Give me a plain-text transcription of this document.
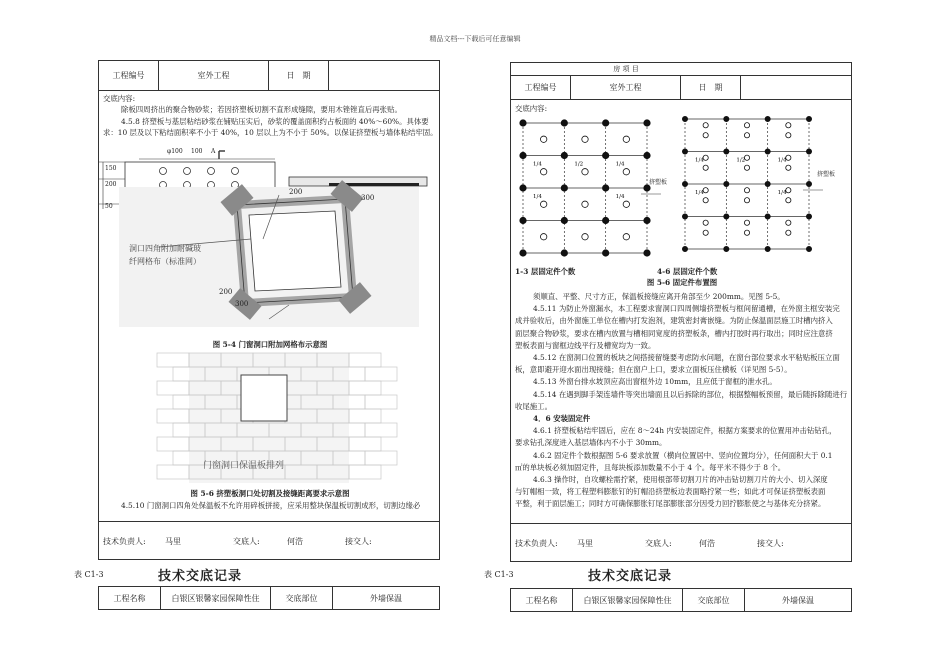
精品文档---下载后可任意编辑
工程编号	室外工程	日　期
交底内容:
除板四周挤出的聚合物砂浆；若因挤塑板切割不直形成缝隙，要用木锉锉直后再张贴。
4.5.8 挤塑板与基层粘结砂浆在铺贴压实后，砂浆的覆盖面积约占板面的 40%～60%。具体要
求：10 层及以下粘结面积率不小于 40%，10 层以上为不小于 50%。以保证挤塑板与墙体粘结牢固。
φ100 100 A
150
200
50
200
300
300
200
洞口四角附加耐碱玻
纤网格布（标准网）
图 5-4 门窗洞口附加网格布示意图
门窗洞口保温板排列
图 5-6 挤塑板洞口处切割及接缝距离要求示意图
4.5.10 门窗洞口四角处保温板不允许用碎板拼接，应采用整块保温板切割成形，切割边缘必
技术负责人: 马里	交底人:	何浩	接交人:
表 C1-3	技术交底记录
工程名称	白银区银馨家园保障性住	交底部位	外墙保温
房 项 目
工程编号	室外工程	日　期
交底内容:
1/4	1/2	1/4
1/4	1/4
1/4	1/2	1/4
1/4	1/4
挤塑板
挤塑板
1-3 层固定件个数	4-6 层固定件个数
图 5-6 固定件布置图
须顺直、平整、尺寸方正，保温板接缝应离开角部至少 200mm。见图 5-5。
4.5.11 为防止外窗漏水，本工程要求窗洞口四周侧墙挤塑板与框间留通槽，在外窗主框安装完
成并验收后，由外窗施工单位在槽内打发泡剂，建筑密封膏嵌缝。为防止保温面层施工时槽内挤入
面层聚合物砂浆，要求在槽内放置与槽相同宽度的挤塑板条，槽内打胶时再行取出；同时应注意挤
塑板表面与窗框边线平行及槽宽均为一致。
4.5.12 在窗洞口位置的板块之间搭接留缝要考虑防水问题，在窗台部位要求水平粘贴板压立面
板，意即避开迎水面出现接缝；但在窗户上口，要求立面板压住横板（详见图 5-5）。
4.5.13 外窗台排水坡顶应高出窗框外边 10mm，且应低于窗框的泄水孔。
4.5.14 在遇到脚手架连墙件等突出墙面且以后拆除的部位，根据整幅板预留，最后随拆除随进行
收尾施工。
4．6 安装固定件
4.6.1 挤塑板粘结牢固后，应在 8～24h 内安装固定件，根据方案要求的位置用冲击钻钻孔，
要求钻孔深度进入基层墙体内不小于 30mm。
4.6.2 固定件个数根据图 5-6 要求放置（横向位置居中、竖向位置均分），任何面积大于 0.1
㎡的单块板必须加固定件，且每块板添加数量不小于 4 个。每平米不得少于 8 个。
4.6.3 操作时，自攻螺栓需拧紧，使用根部带切割刀片的冲击钻切割刀片的大小、切入深度
与钉帽相一致，将工程塑料膨胀钉的钉帽沿挤塑板边表面略拧紧一些；如此才可保证挤塑板表面
平整，利于面层施工；同时方可确保膨胀钉尾部膨胀部分因受力回拧膨胀使之与基体充分挤紧。
技术负责人: 马里	交底人:	何浩	接交人:
表 C1-3	技术交底记录
工程名称	白银区银馨家园保障性住	交底部位	外墙保温
